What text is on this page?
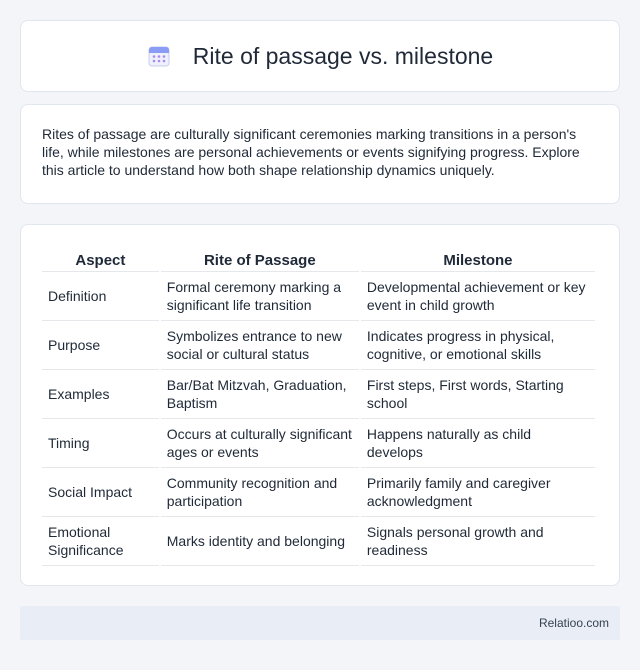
Rite of passage vs. milestone

Rites of passage are culturally significant ceremonies marking transitions in a person's life, while milestones are personal achievements or events signifying progress. Explore this article to understand how both shape relationship dynamics uniquely.

Aspect	Rite of Passage	Milestone
Definition	Formal ceremony marking a significant life transition	Developmental achievement or key event in child growth
Purpose	Symbolizes entrance to new social or cultural status	Indicates progress in physical, cognitive, or emotional skills
Examples	Bar/Bat Mitzvah, Graduation, Baptism	First steps, First words, Starting school
Timing	Occurs at culturally significant ages or events	Happens naturally as child develops
Social Impact	Community recognition and participation	Primarily family and caregiver acknowledgment
Emotional Significance	Marks identity and belonging	Signals personal growth and readiness
Relatioo.com
